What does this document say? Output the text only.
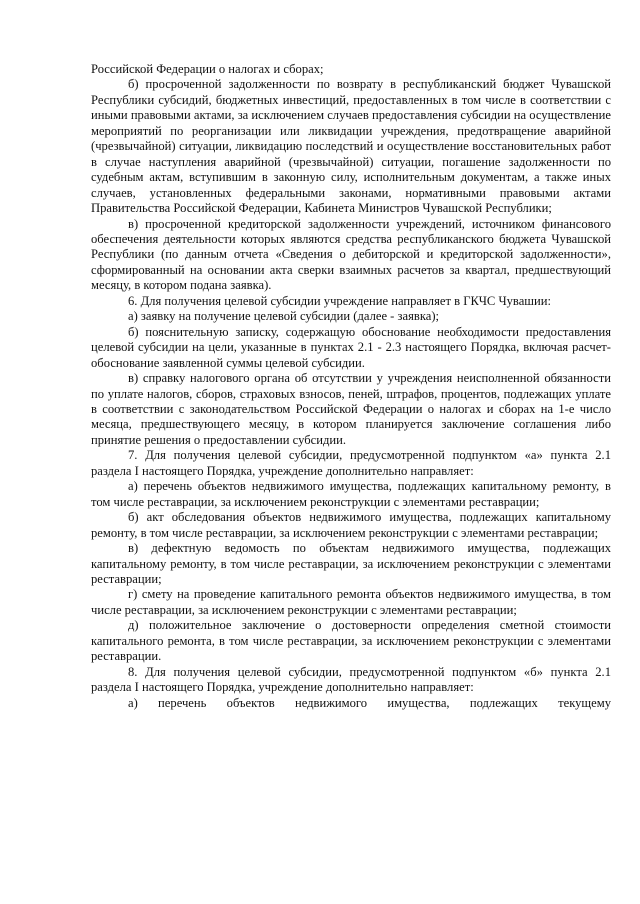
Российской Федерации о налогах и сборах;

б) просроченной задолженности по возврату в республиканский бюджет Чувашской Республики субсидий, бюджетных инвестиций, предоставленных в том числе в соответствии с иными правовыми актами, за исключением случаев предоставления субсидии на осуществление мероприятий по реорганизации или ликвидации учреждения, предотвращение аварийной (чрезвычайной) ситуации, ликвидацию последствий и осуществление восстановительных работ в случае наступления аварийной (чрезвычайной) ситуации, погашение задолженности по судебным актам, вступившим в законную силу, исполнительным документам, а также иных случаев, установленных федеральными законами, нормативными правовыми актами Правительства Российской Федерации, Кабинета Министров Чувашской Республики;

в) просроченной кредиторской задолженности учреждений, источником финансового обеспечения деятельности которых являются средства республиканского бюджета Чувашской Республики (по данным отчета «Сведения о дебиторской и кредиторской задолженности», сформированный на основании акта сверки взаимных расчетов за квартал, предшествующий месяцу, в котором подана заявка).

6. Для получения целевой субсидии учреждение направляет в ГКЧС Чувашии:

а) заявку на получение целевой субсидии (далее - заявка);

б) пояснительную записку, содержащую обоснование необходимости предоставления целевой субсидии на цели, указанные в пунктах 2.1 - 2.3 настоящего Порядка, включая расчет-обоснование заявленной суммы целевой субсидии.

в) справку налогового органа об отсутствии у учреждения неисполненной обязанности по уплате налогов, сборов, страховых взносов, пеней, штрафов, процентов, подлежащих уплате в соответствии с законодательством Российской Федерации о налогах и сборах на 1-е число месяца, предшествующего месяцу, в котором планируется заключение соглашения либо принятие решения о предоставлении субсидии.

7. Для получения целевой субсидии, предусмотренной подпунктом «а» пункта 2.1 раздела I настоящего Порядка, учреждение дополнительно направляет:

а) перечень объектов недвижимого имущества, подлежащих капитальному ремонту, в том числе реставрации, за исключением реконструкции с элементами реставрации;

б) акт обследования объектов недвижимого имущества, подлежащих капитальному ремонту, в том числе реставрации, за исключением реконструкции с элементами реставрации;

в) дефектную ведомость по объектам недвижимого имущества, подлежащих капитальному ремонту, в том числе реставрации, за исключением реконструкции с элементами реставрации;

г) смету на проведение капитального ремонта объектов недвижимого имущества, в том числе реставрации, за исключением реконструкции с элементами реставрации;

д) положительное заключение о достоверности определения сметной стоимости капитального ремонта, в том числе реставрации, за исключением реконструкции с элементами реставрации.

8. Для получения целевой субсидии, предусмотренной подпунктом «б» пункта 2.1 раздела I настоящего Порядка, учреждение дополнительно направляет:

а) перечень объектов недвижимого имущества, подлежащих текущему
